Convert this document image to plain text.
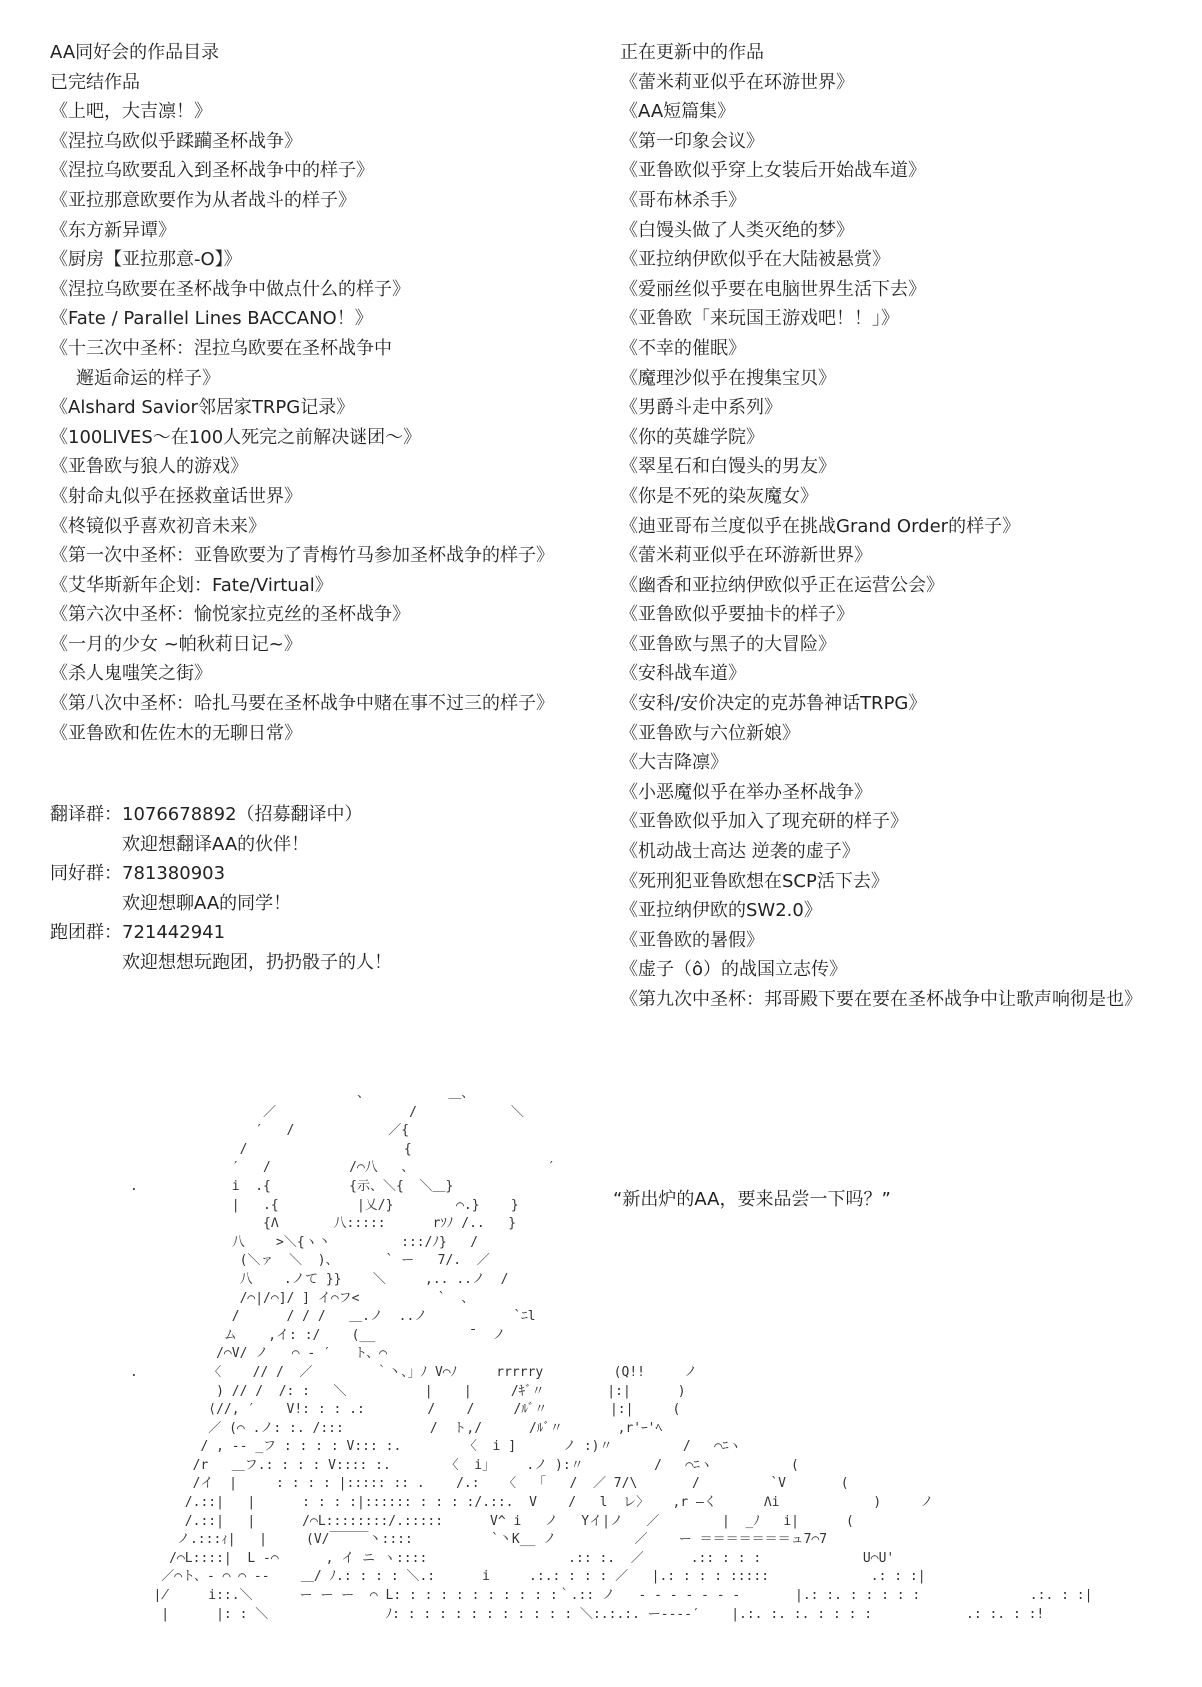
AA同好会的作品目录
已完结作品
《上吧，大吉凛！》
《涅拉乌欧似乎蹂躏圣杯战争》
《涅拉乌欧要乱入到圣杯战争中的样子》
《亚拉那意欧要作为从者战斗的样子》
《东方新异谭》
《厨房【亚拉那意-O】》
《涅拉乌欧要在圣杯战争中做点什么的样子》
《Fate / Parallel Lines BACCANO！》
《十三次中圣杯：涅拉乌欧要在圣杯战争中
邂逅命运的样子》
《Alshard Savior邻居家TRPG记录》
《100LIVES～在100人死完之前解决谜团～》
《亚鲁欧与狼人的游戏》
《射命丸似乎在拯救童话世界》
《柊镜似乎喜欢初音未来》
《第一次中圣杯：亚鲁欧要为了青梅竹马参加圣杯战争的样子》
《艾华斯新年企划：Fate/Virtual》
《第六次中圣杯：愉悦家拉克丝的圣杯战争》
《一月的少女 ~帕秋莉日记~》
《杀人鬼嗤笑之街》
《第八次中圣杯：哈扎马要在圣杯战争中赌在事不过三的样子》
《亚鲁欧和佐佐木的无聊日常》
翻译群： 1076678892（招募翻译中）
欢迎想翻译AA的伙伴！
同好群： 781380903
欢迎想聊AA的同学！
跑团群： 721442941
欢迎想想玩跑团，扔扔骰子的人！
正在更新中的作品
《蕾米莉亚似乎在环游世界》
《AA短篇集》
《第一印象会议》
《亚鲁欧似乎穿上女装后开始战车道》
《哥布林杀手》
《白馒头做了人类灭绝的梦》
《亚拉纳伊欧似乎在大陆被悬赏》
《爱丽丝似乎要在电脑世界生活下去》
《亚鲁欧「来玩国王游戏吧！！」》
《不幸的催眠》
《魔理沙似乎在搜集宝贝》
《男爵斗走中系列》
《你的英雄学院》
《翠星石和白馒头的男友》
《你是不死的染灰魔女》
《迪亚哥布兰度似乎在挑战Grand Order的样子》
《蕾米莉亚似乎在环游新世界》
《幽香和亚拉纳伊欧似乎正在运营公会》
《亚鲁欧似乎要抽卡的样子》
《亚鲁欧与黑子的大冒险》
《安科战车道》
《安科/安价决定的克苏鲁神话TRPG》
《亚鲁欧与六位新娘》
《大吉降凛》
《小恶魔似乎在举办圣杯战争》
《亚鲁欧似乎加入了现充研的样子》
《机动战士高达 逆袭的虚子》
《死刑犯亚鲁欧想在SCP活下去》
《亚拉纳伊欧的SW2.0》
《亚鲁欧的暑假》
《虚子（ô）的战国立志传》
《第九次中圣杯：邦哥殿下要在要在圣杯战争中让歌声响彻是也》
“新出炉的AA，要来品尝一下吗？”
、          ＿、
／                 /            ＼
′   /            ／{
/                    {
′   /          /⌒八   、                 ′
.            i  .{          {示、＼{  ＼＿}
|   .{          |乂/}        ⌒.}    }
{Λ       八:::::      rｿﾉ /..   }
八    >＼{ヽ丶         :::/ﾉ}   /
(＼ァ  ＼  )、      ` ー   7/.  ／
八    .ノて }}    ＼     ,.. ..ノ  /
/⌒|/⌒]/ ] イ⌒フ<          `  、
/      / / /   ＿.ノ  ..ノ           `ﾆl
ム    ,イ: :/    (__            ̄   ノ
/⌒V/ ノ   ⌒ ‐ ′   ト、⌒
.         〈    // /  ／        ｀丶、」ﾉ V⌒ﾉ     rrrrry         (Q!!     ノ
) // /  /: :   ＼          |    |     /ｷﾞ〃        |:|      )
⟨//, ′    V!: : : .:        /    /     /ﾙﾞ〃        |:|     (
／ (⌒ .ノ: :. /:::           /  ト,/      /ﾙﾞ〃       ,r'ｰ'ﾍ
/ , -‐ _フ : : : : V::: :.        〈  i ]      ノ :)〃         /   ⌒ﾆヽ
/r   ＿フ.: : : : V:::: :.       〈  i」    .ノ ):〃         /   ⌒ﾆヽ          (
/イ  |     : : : : |::::: :: .    /.:   〈   ｢   /  ／ 7/\       /         `V       (
/.::|   |      : : : :|:::::: : : : :/.::.  V    /   l  レ〉   ,r ―く      Λi            )     ノ
/.::|   |      /⌒L::::::::/.:::::      V^ i   ノ   Yイ|ノ   ／        |  _ﾉ   i|      (
ノ.:::ｨ|   |     (V/￣￣￣丶::::          `丶K__ ノ          ／    ー ＝＝＝＝＝＝＝ュ7⌒7
/⌒L::::|  L ‐⌒      , イ ニ ヽ::::                  .:: :.  ／      .:: : : :             U⌒U'
／⌒ト、‐ ⌒ ⌒ ‐‐    ＿/ ﾉ.: : : : ＼.:      i     .:.: : : : ／   |.: : : : :::::             .: : :|
∤     i::.＼      ー ー ー  ⌒ L: : : : : : : : : : :｀.:: ノ   ‐ ‐ ‐ ‐ ‐ ‐ ‐       |.: :. : : : : :              .:. : :|
|      |: : ＼               ﾉ: : : : : : : : : : : : ＼:.:.:. ー‐‐‐‐′    |.:. :. :. : : : :            .: :. : :!
